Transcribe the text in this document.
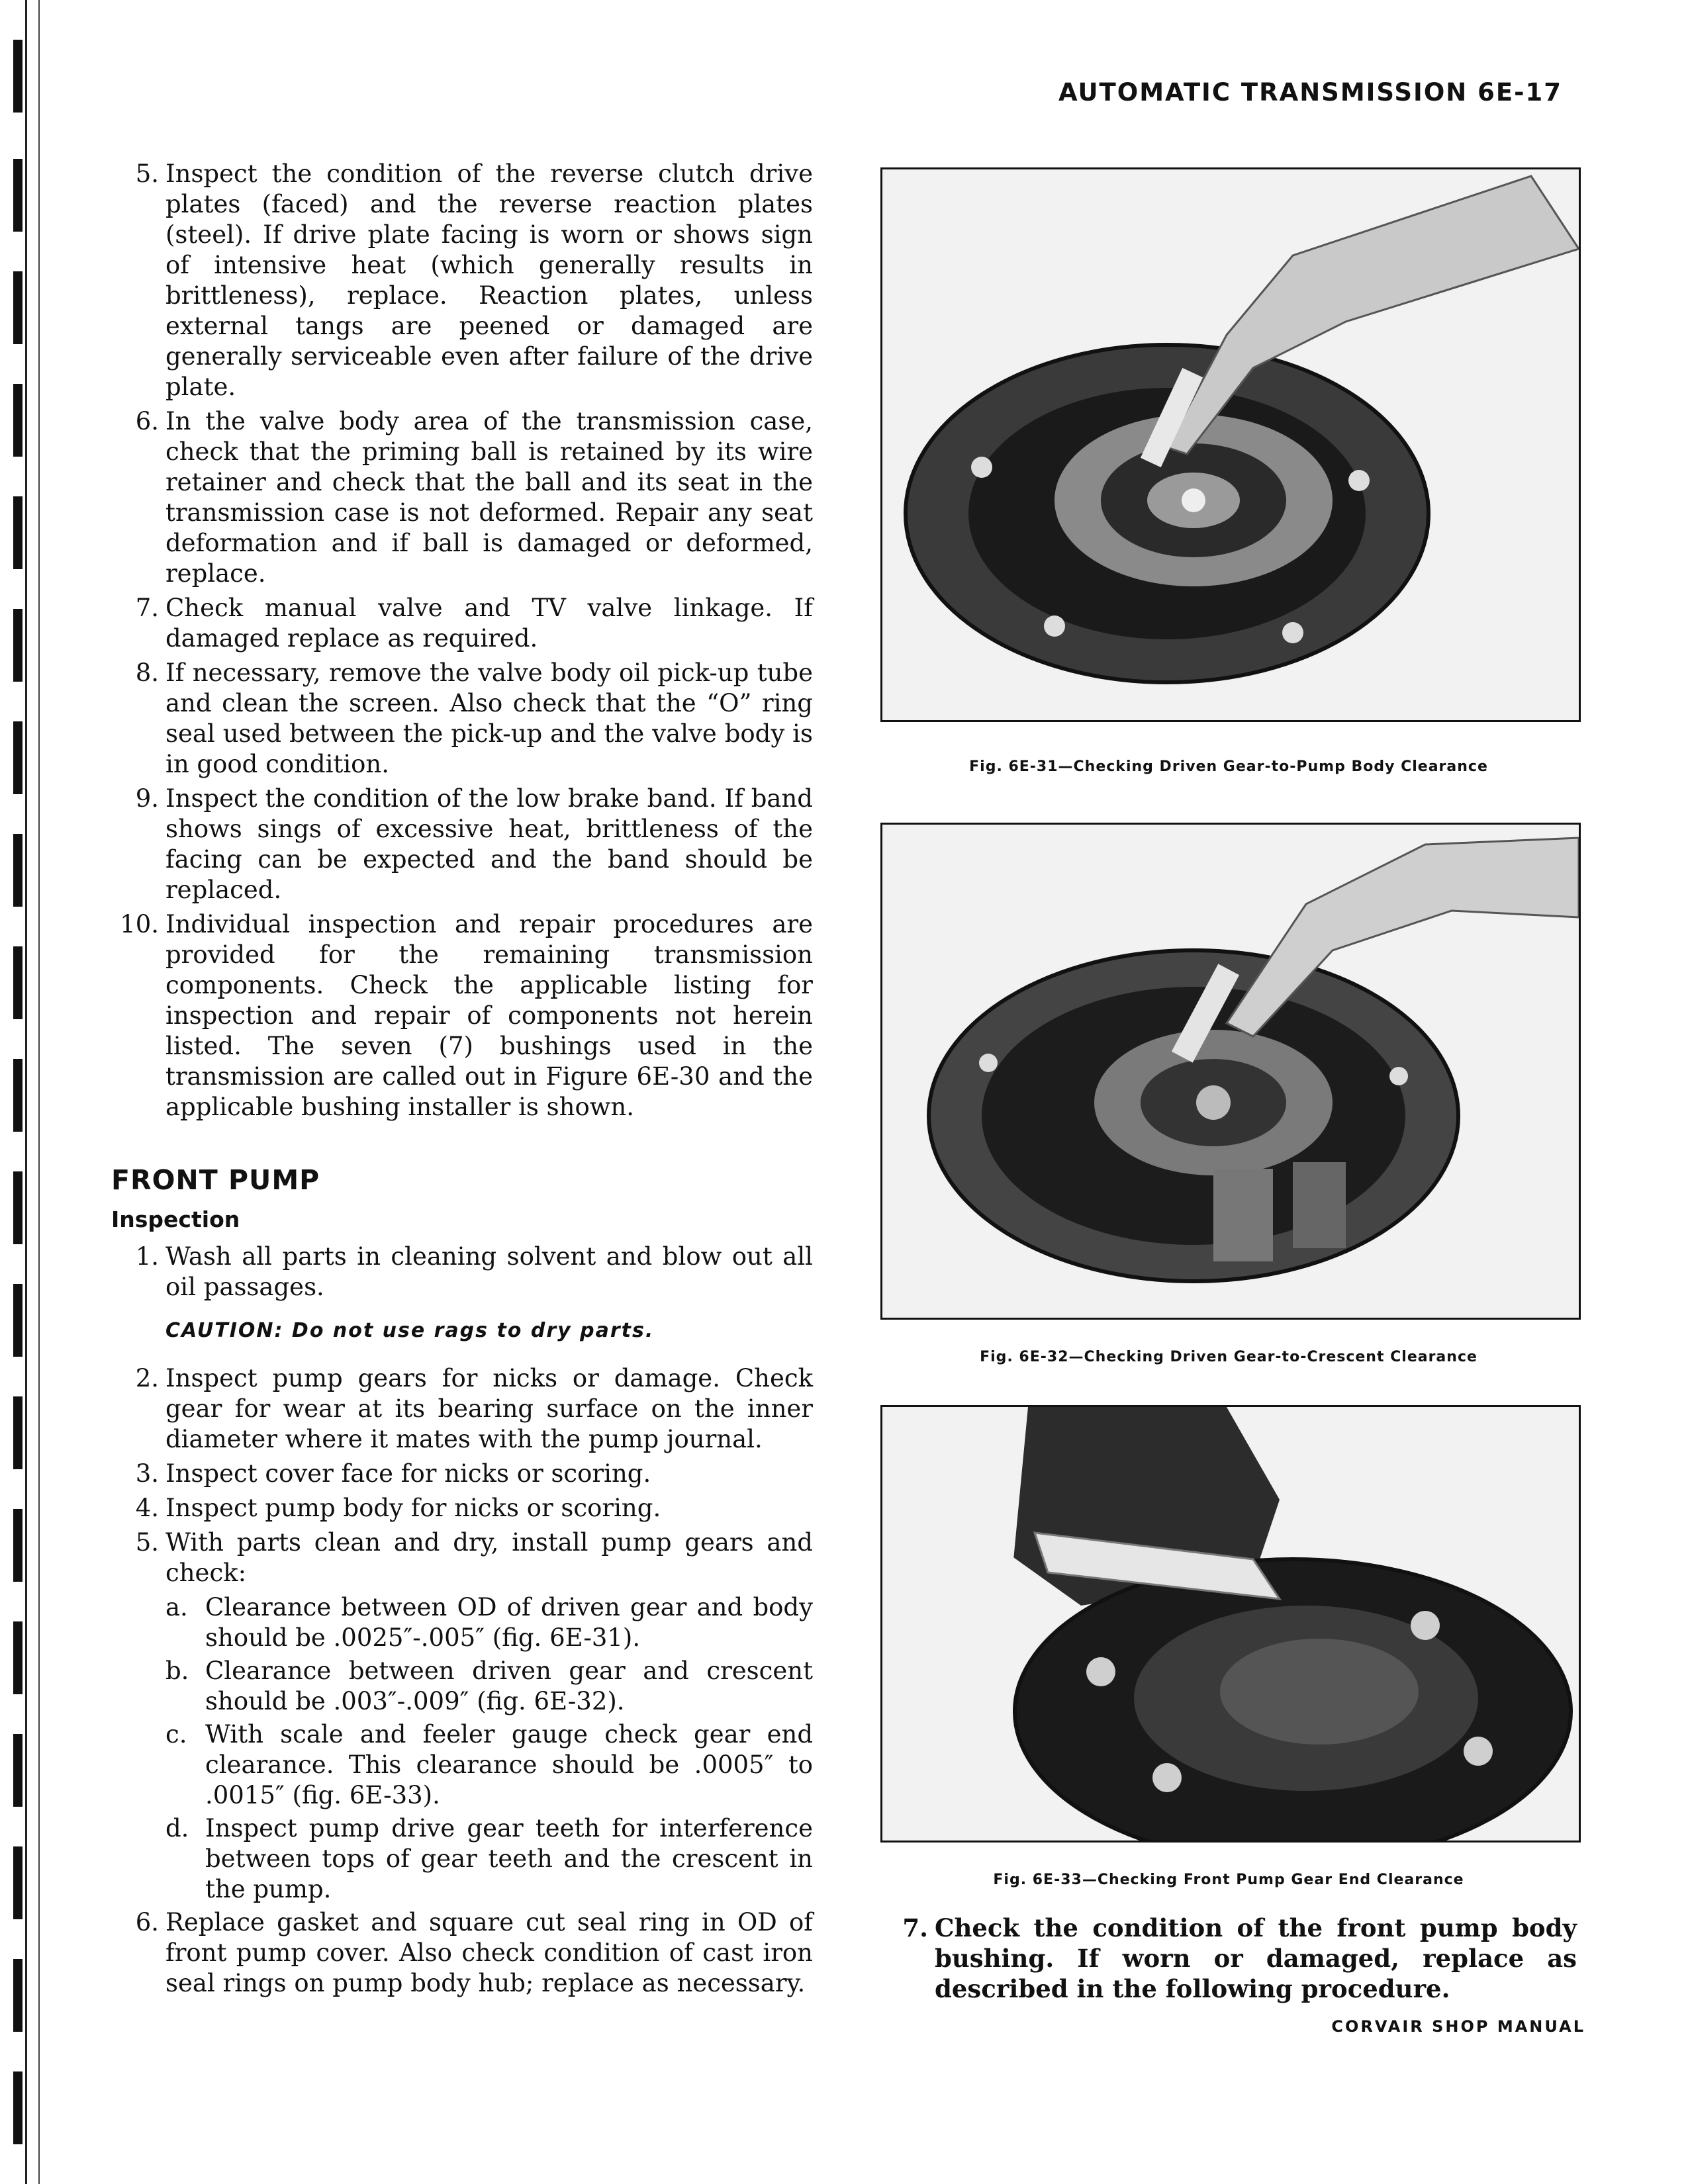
AUTOMATIC TRANSMISSION 6E-17
5. Inspect the condition of the reverse clutch drive plates (faced) and the reverse reaction plates (steel). If drive plate facing is worn or shows sign of intensive heat (which generally results in brittleness), replace. Reaction plates, unless external tangs are peened or damaged are generally serviceable even after failure of the drive plate.
6. In the valve body area of the transmission case, check that the priming ball is retained by its wire retainer and check that the ball and its seat in the transmission case is not deformed. Repair any seat deformation and if ball is damaged or deformed, replace.
7. Check manual valve and TV valve linkage. If damaged replace as required.
8. If necessary, remove the valve body oil pick-up tube and clean the screen. Also check that the “O” ring seal used between the pick-up and the valve body is in good condition.
9. Inspect the condition of the low brake band. If band shows sings of excessive heat, brittleness of the facing can be expected and the band should be replaced.
10. Individual inspection and repair procedures are provided for the remaining transmission components. Check the applicable listing for inspection and repair of components not herein listed. The seven (7) bushings used in the transmission are called out in Figure 6E-30 and the applicable bushing installer is shown.
FRONT PUMP
Inspection
1. Wash all parts in cleaning solvent and blow out all oil passages.
CAUTION: Do not use rags to dry parts.
2. Inspect pump gears for nicks or damage. Check gear for wear at its bearing surface on the inner diameter where it mates with the pump journal.
3. Inspect cover face for nicks or scoring.
4. Inspect pump body for nicks or scoring.
5. With parts clean and dry, install pump gears and check:
a. Clearance between OD of driven gear and body should be .0025″-.005″ (fig. 6E-31).
b. Clearance between driven gear and crescent should be .003″-.009″ (fig. 6E-32).
c. With scale and feeler gauge check gear end clearance. This clearance should be .0005″ to .0015″ (fig. 6E-33).
d. Inspect pump drive gear teeth for interference between tops of gear teeth and the crescent in the pump.
6. Replace gasket and square cut seal ring in OD of front pump cover. Also check condition of cast iron seal rings on pump body hub; replace as necessary.
Fig. 6E-31—Checking Driven Gear-to-Pump Body Clearance
Fig. 6E-32—Checking Driven Gear-to-Crescent Clearance
Fig. 6E-33—Checking Front Pump Gear End Clearance
7. Check the condition of the front pump body bushing. If worn or damaged, replace as described in the following procedure.
CORVAIR SHOP MANUAL
